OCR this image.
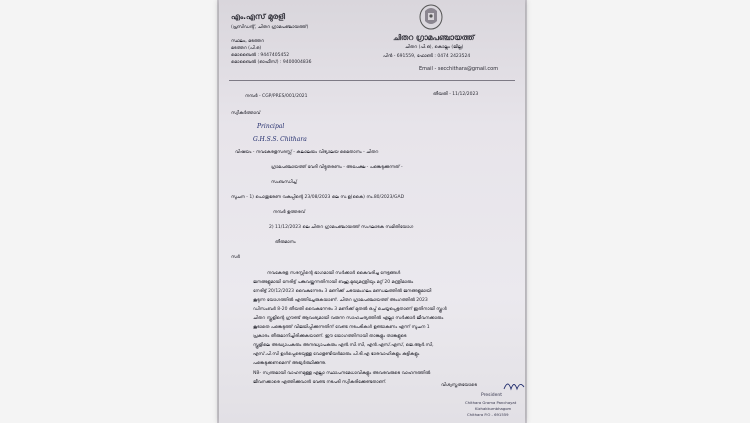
എം.എസ് മുരളി
(പ്രസിഡന്റ്, ചിതറ ഗ്രാമപഞ്ചായത്ത്)
സ്ഥലം, മടത്തറ
മടത്തറ (പി.ഒ)
മൊബൈൽ : 9447405452
മൊബൈൽ (ഓഫീസ്) : 9400004836
ചിതറ ഗ്രാമപഞ്ചായത്ത്
ചിതറ (പി.ഒ), കൊല്ലം (ജില്ല)
പിൻ - 691559, ഫോൺ : 0474 2423524
Email - secchithara@gmail.com
നമ്പർ - CGP/PRES/001/2021	തീയതി - 11/12/2023
സ്വീകർത്താവ്
Principal
G.H.S.S. Chithara
വിഷയം - നവകേരളസദസ്സ് - കലാലയം വിദ്യാലയ മൈതാനം - ചിതറ
ഗ്രാമപഞ്ചായത്ത് വേദി വിട്ടുതരണം - അപേക്ഷ - പങ്കെടുക്കുന്നത് -
സംബന്ധിച്ച്
സൂചന - 1) പൊതുഭരണ വകുപ്പിന്റെ 23/08/2023 ലെ സ.ഉ(കൈ) നം.80/2023/GAD
നമ്പർ ഉത്തരവ്
2) 11/12/2023 ലെ ചിതറ ഗ്രാമപഞ്ചായത്ത് സംഘാടക സമിതിയോഗ
തീരുമാനം
സർ
നവകേരള സദസ്സിന്റെ ഭാഗമായി സർക്കാർ കൈവരിച്ച നേട്ടങ്ങൾ
ജനങ്ങളുമായി നേരിട്ട് പങ്കുവയ്ക്കുന്നതിനായി ബഹു.മുഖ്യമന്ത്രിയും മറ്റ് 20 മന്ത്രിമാരും
നേരിട്ട് 20/12/2023 വൈകുന്നേരം 3 മണിക്ക് ചടയമംഗലം മണ്ഡലത്തിൽ ജനങ്ങളുമായി
കൂടുന്ന യോഗത്തിൽ എത്തിച്ചേരുകയാണ്. ചിതറ ഗ്രാമപഞ്ചായത്ത് അംഗത്തിൽ 2023
ഡിസംബർ 8-20 തീയതി വൈകുന്നേരം 3 മണിക്ക് മുതൽ ഒപ്പ് ചെയ്യപ്പെട്ടതാണ് ഇതിനായി സ്കൂൾ
ചിതറ സ്കൂളിന്റെ ഗ്രൗണ്ട് ആവശ്യമായി വരുന്ന സാഹചര്യത്തിൽ എല്ലാ സർക്കാർ ജീവനക്കാരും
കൂടാതെ പങ്കെടുത്ത് വിജയിപ്പിക്കുന്നതിന് വേണ്ട നടപടികൾ ഉണ്ടാകണം എന്ന് സൂചന 1
പ്രകാരം തീരുമാനിച്ചിരിക്കുകയാണ്. ഈ യോഗത്തിനായി താങ്കളും താങ്കളുടെ
സ്കൂളിലെ അദ്ധ്യാപകരും അനദ്ധ്യാപകരും എൻ.സി.സി, എൻ.എസ്.എസ്, ജെ.ആർ.സി,
എസ്.പി.സി ഉൾപ്പെടെയുള്ള വോളണ്ടിയർമാരും പി.ടി.എ ഭാരവാഹികളും കുട്ടികളും
പങ്കെടുക്കണമെന്ന് അഭ്യർത്ഥിക്കുന്നു.
NB- സ്വന്തമായി വാഹനമുള്ള എല്ലാ സ്ഥാപനമേധാവികളും അവരവരുടെ വാഹനത്തിൽ
ജീവനക്കാരെ എത്തിക്കുവാൻ വേണ്ട നടപടി സ്വീകരിക്കേണ്ടതാണ്.
വിശ്വസ്തതയോടെ
President
Chithara Grama Panchayat
Kizhakkumbhagom
Chithara P.O - 691559
